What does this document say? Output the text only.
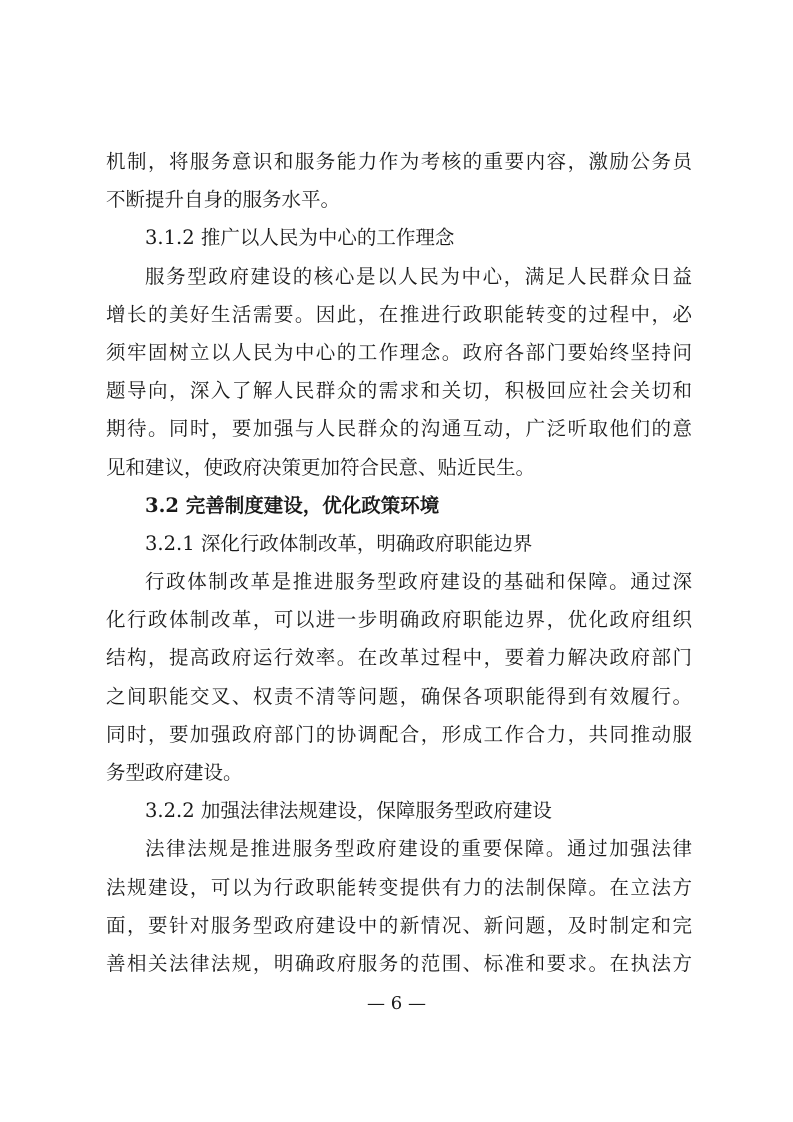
机制，将服务意识和服务能力作为考核的重要内容，激励公务员
不断提升自身的服务水平。
3.1.2 推广以人民为中心的工作理念
服务型政府建设的核心是以人民为中心，满足人民群众日益
增长的美好生活需要。因此，在推进行政职能转变的过程中，必
须牢固树立以人民为中心的工作理念。政府各部门要始终坚持问
题导向，深入了解人民群众的需求和关切，积极回应社会关切和
期待。同时，要加强与人民群众的沟通互动，广泛听取他们的意
见和建议，使政府决策更加符合民意、贴近民生。
3.2 完善制度建设，优化政策环境
3.2.1 深化行政体制改革，明确政府职能边界
行政体制改革是推进服务型政府建设的基础和保障。通过深
化行政体制改革，可以进一步明确政府职能边界，优化政府组织
结构，提高政府运行效率。在改革过程中，要着力解决政府部门
之间职能交叉、权责不清等问题，确保各项职能得到有效履行。
同时，要加强政府部门的协调配合，形成工作合力，共同推动服
务型政府建设。
3.2.2 加强法律法规建设，保障服务型政府建设
法律法规是推进服务型政府建设的重要保障。通过加强法律
法规建设，可以为行政职能转变提供有力的法制保障。在立法方
面，要针对服务型政府建设中的新情况、新问题，及时制定和完
善相关法律法规，明确政府服务的范围、标准和要求。在执法方
— 6 —
